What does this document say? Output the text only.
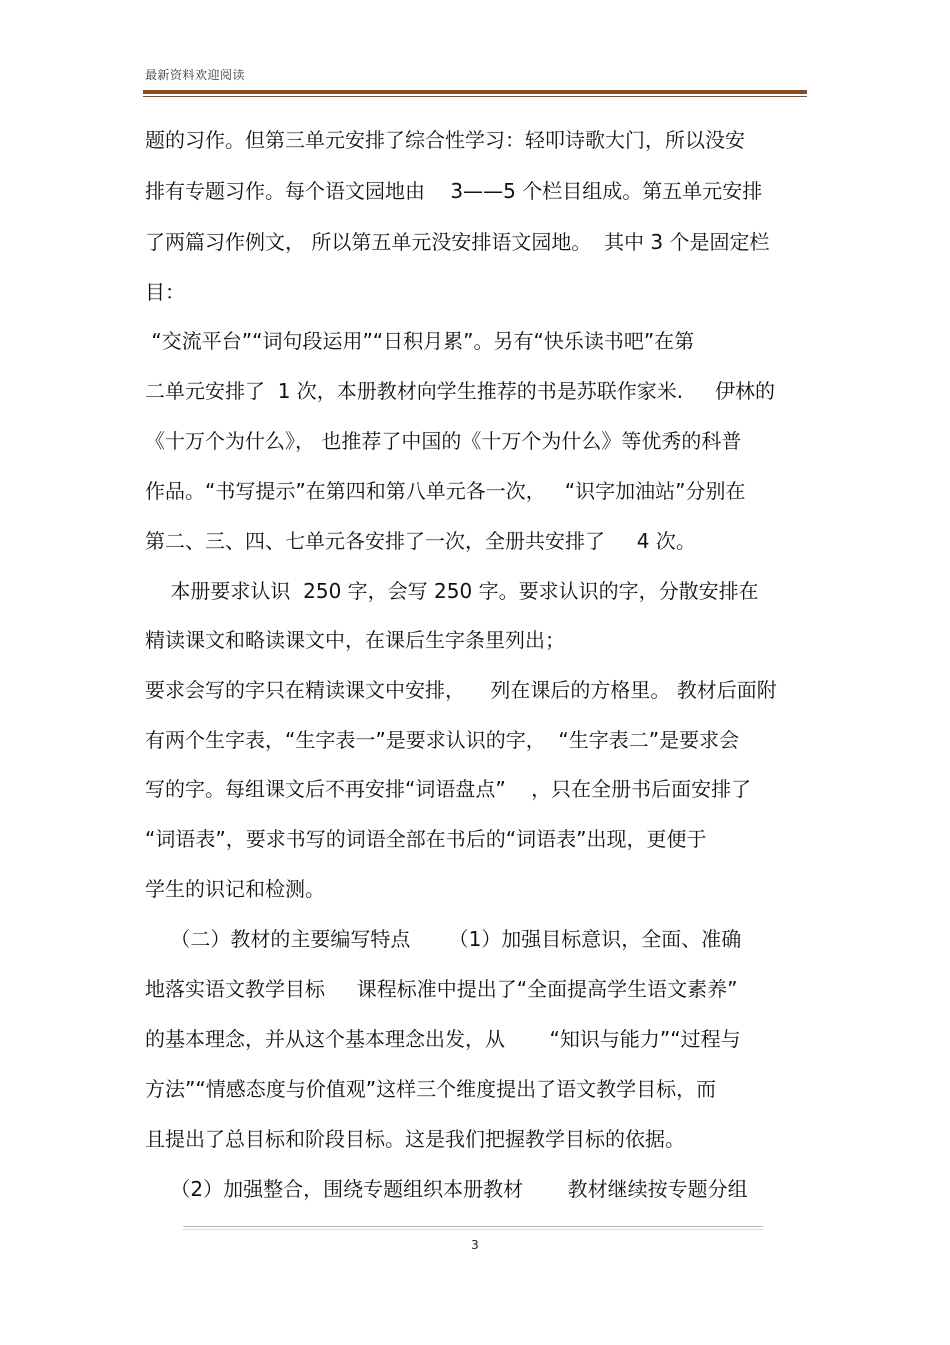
最新资料欢迎阅读
题的习作。但第三单元安排了综合性学习：轻叩诗歌大门，所以没安
排有专题习作。每个语文园地由    3——5 个栏目组成。第五单元安排
了两篇习作例文， 所以第五单元没安排语文园地。  其中 3 个是固定栏
目：
“交流平台”“词句段运用”“日积月累”。另有“快乐读书吧”在第
二单元安排了  1 次，本册教材向学生推荐的书是苏联作家米.     伊林的
《十万个为什么》， 也推荐了中国的《十万个为什么》等优秀的科普
作品。“书写提示”在第四和第八单元各一次，   “识字加油站”分别在
第二、三、四、七单元各安排了一次，全册共安排了     4 次。
本册要求认识  250 字，会写 250 字。要求认识的字，分散安排在
精读课文和略读课文中，在课后生字条里列出；
要求会写的字只在精读课文中安排，    列在课后的方格里。 教材后面附
有两个生字表，“生字表一”是要求认识的字，  “生字表二”是要求会
写的字。每组课文后不再安排“词语盘点”    ，只在全册书后面安排了
“词语表”，要求书写的词语全部在书后的“词语表”出现，更便于
学生的识记和检测。
（二）教材的主要编写特点      （1）加强目标意识，全面、准确
地落实语文教学目标     课程标准中提出了“全面提高学生语文素养”
的基本理念，并从这个基本理念出发，从       “知识与能力”“过程与
方法”“情感态度与价值观”这样三个维度提出了语文教学目标，而
且提出了总目标和阶段目标。这是我们把握教学目标的依据。
（2）加强整合，围绕专题组织本册教材       教材继续按专题分组
3
